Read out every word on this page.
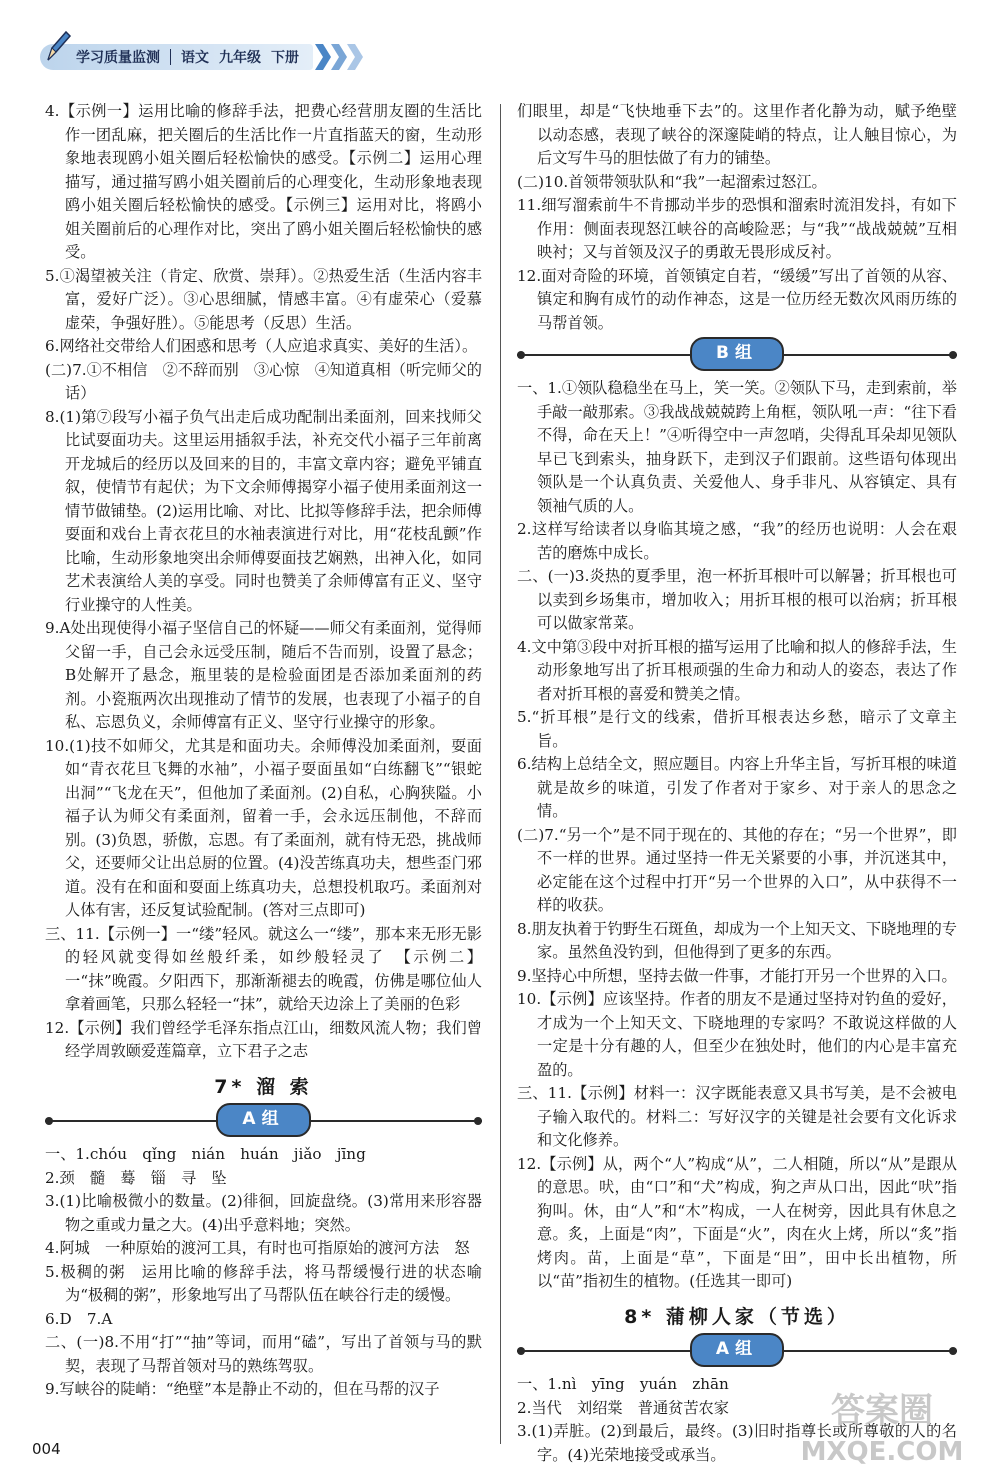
学习质量监测 语文 九年级 下册

4.【示例一】运用比喻的修辞手法，把费心经营朋友圈的生活比作一团乱麻，把关圈后的生活比作一片直指蓝天的窗，生动形象地表现鸥小姐关圈后轻松愉快的感受。【示例二】运用心理描写，通过描写鸥小姐关圈前后的心理变化，生动形象地表现鸥小姐关圈后轻松愉快的感受。【示例三】运用对比，将鸥小姐关圈前后的心理作对比，突出了鸥小姐关圈后轻松愉快的感受。

5.①渴望被关注（肯定、欣赏、崇拜）。②热爱生活（生活内容丰富，爱好广泛）。③心思细腻，情感丰富。④有虚荣心（爱慕虚荣，争强好胜）。⑤能思考（反思）生活。

6.网络社交带给人们困惑和思考（人应追求真实、美好的生活）。

(二)7.①不相信　②不辞而别　③心惊　④知道真相（听完师父的话）

8.(1)第⑦段写小福子负气出走后成功配制出柔面剂，回来找师父比试耍面功夫。这里运用插叙手法，补充交代小福子三年前离开龙城后的经历以及回来的目的，丰富文章内容；避免平铺直叙，使情节有起伏；为下文余师傅揭穿小福子使用柔面剂这一情节做铺垫。(2)运用比喻、对比、比拟等修辞手法，把余师傅耍面和戏台上青衣花旦的水袖表演进行对比，用“花枝乱颤”作比喻，生动形象地突出余师傅耍面技艺娴熟，出神入化，如同艺术表演给人美的享受。同时也赞美了余师傅富有正义、坚守行业操守的人性美。

9.A处出现使得小福子坚信自己的怀疑——师父有柔面剂，觉得师父留一手，自己会永远受压制，随后不告而别，设置了悬念；B处解开了悬念，瓶里装的是检验面团是否添加柔面剂的药剂。小瓷瓶两次出现推动了情节的发展，也表现了小福子的自私、忘恩负义，余师傅富有正义、坚守行业操守的形象。

10.(1)技不如师父，尤其是和面功夫。余师傅没加柔面剂，耍面如“青衣花旦飞舞的水袖”，小福子耍面虽如“白练翻飞”“银蛇出洞”“飞龙在天”，但他加了柔面剂。(2)自私，心胸狭隘。小福子认为师父有柔面剂，留着一手，会永远压制他，不辞而别。(3)负恩，骄傲，忘恩。有了柔面剂，就有恃无恐，挑战师父，还要师父让出总厨的位置。(4)没苦练真功夫，想些歪门邪道。没有在和面和耍面上练真功夫，总想投机取巧。柔面剂对人体有害，还反复试验配制。(答对三点即可)

三、11.【示例一】一“缕”轻风。就这么一“缕”，那本来无形无影的轻风就变得如丝般纤柔，如纱般轻灵了　【示例二】一“抹”晚霞。夕阳西下，那渐渐褪去的晚霞，仿佛是哪位仙人拿着画笔，只那么轻轻一“抹”，就给天边涂上了美丽的色彩

12.【示例】我们曾经学毛泽东指点江山，细数风流人物；我们曾经学周敦颐爱莲篇章，立下君子之志

7* 溜 索
A组

一、1.chóu　qǐng　nián　huán　jiǎo　jīng

2.颈　髓　蓦　锱　寻　坠

3.(1)比喻极微小的数量。(2)徘徊，回旋盘绕。(3)常用来形容器物之重或力量之大。(4)出乎意料地；突然。

4.阿城　一种原始的渡河工具，有时也可指原始的渡河方法　怒

5.极稠的粥　运用比喻的修辞手法，将马帮缓慢行进的状态喻为“极稠的粥”，形象地写出了马帮队伍在峡谷行走的缓慢。

6.D　7.A

二、(一)8.不用“打”“抽”等词，而用“磕”，写出了首领与马的默契，表现了马帮首领对马的熟练驾驭。

9.写峡谷的陡峭：“绝壁”本是静止不动的，但在马帮的汉子

们眼里，却是“飞快地垂下去”的。这里作者化静为动，赋予绝壁以动态感，表现了峡谷的深邃陡峭的特点，让人触目惊心，为后文写牛马的胆怯做了有力的铺垫。

(二)10.首领带领驮队和“我”一起溜索过怒江。

11.细写溜索前牛不肯挪动半步的恐惧和溜索时流泪发抖，有如下作用：侧面表现怒江峡谷的高峻险恶；与“我”“战战兢兢”互相映衬；又与首领及汉子的勇敢无畏形成反衬。

12.面对奇险的环境，首领镇定自若，“缓缓”写出了首领的从容、镇定和胸有成竹的动作神态，这是一位历经无数次风雨历练的马帮首领。

B组

一、1.①领队稳稳坐在马上，笑一笑。②领队下马，走到索前，举手敲一敲那索。③我战战兢兢跨上角框，领队吼一声：“往下看不得，命在天上！”④听得空中一声忽哨，尖得乱耳朵却见领队早已飞到索头，抽身跃下，走到汉子们跟前。这些语句体现出领队是一个认真负责、关爱他人、身手非凡、从容镇定、具有领袖气质的人。

2.这样写给读者以身临其境之感，“我”的经历也说明：人会在艰苦的磨炼中成长。

二、(一)3.炎热的夏季里，泡一杯折耳根叶可以解暑；折耳根也可以卖到乡场集市，增加收入；用折耳根的根可以治病；折耳根可以做家常菜。

4.文中第③段中对折耳根的描写运用了比喻和拟人的修辞手法，生动形象地写出了折耳根顽强的生命力和动人的姿态，表达了作者对折耳根的喜爱和赞美之情。

5.“折耳根”是行文的线索，借折耳根表达乡愁，暗示了文章主旨。

6.结构上总结全文，照应题目。内容上升华主旨，写折耳根的味道就是故乡的味道，引发了作者对于家乡、对于亲人的思念之情。

(二)7.“另一个”是不同于现在的、其他的存在；“另一个世界”，即不一样的世界。通过坚持一件无关紧要的小事，并沉迷其中，必定能在这个过程中打开“另一个世界的入口”，从中获得不一样的收获。

8.朋友执着于钓野生石斑鱼，却成为一个上知天文、下晓地理的专家。虽然鱼没钓到，但他得到了更多的东西。

9.坚持心中所想，坚持去做一件事，才能打开另一个世界的入口。

10.【示例】应该坚持。作者的朋友不是通过坚持对钓鱼的爱好，才成为一个上知天文、下晓地理的专家吗？不敢说这样做的人一定是十分有趣的人，但至少在独处时，他们的内心是丰富充盈的。

三、11.【示例】材料一：汉字既能表意又具书写美，是不会被电子输入取代的。材料二：写好汉字的关键是社会要有文化诉求和文化修养。

12.【示例】从，两个“人”构成“从”，二人相随，所以“从”是跟从的意思。吠，由“口”和“犬”构成，狗之声从口出，因此“吠”指狗叫。休，由“人”和“木”构成，一人在树旁，因此具有休息之意。炙，上面是“肉”，下面是“火”，肉在火上烤，所以“炙”指烤肉。苗，上面是“草”，下面是“田”，田中长出植物，所以“苗”指初生的植物。(任选其一即可)

8* 蒲柳人家（节选）
A组

一、1.nì　yīng　yuán　zhān

2.当代　刘绍棠　普通贫苦农家

3.(1)弄脏。(2)到最后，最终。(3)旧时指尊长或所尊敬的人的名字。(4)光荣地接受或承当。

004
答案圈
MXQE.COM
